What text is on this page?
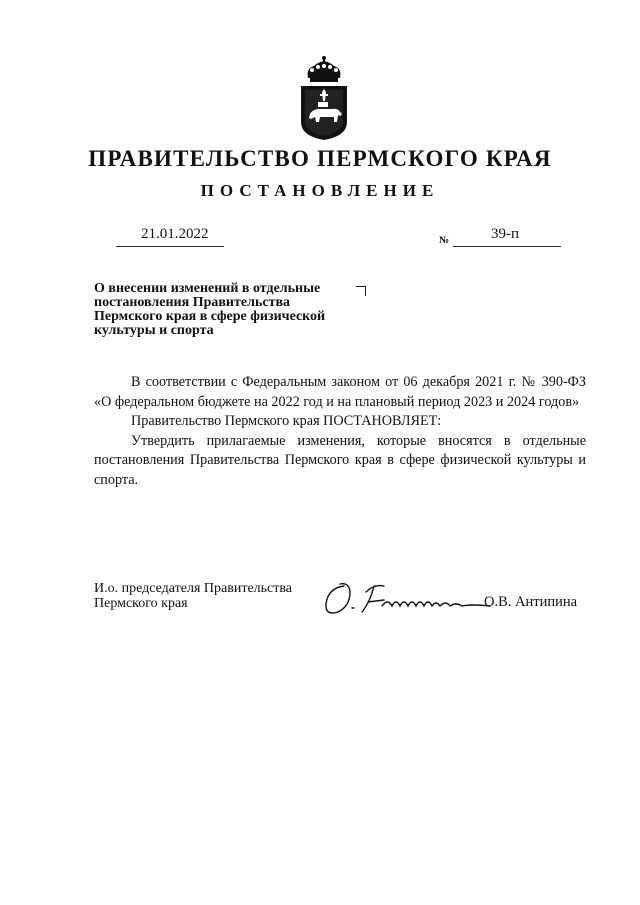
ПРАВИТЕЛЬСТВО ПЕРМСКОГО КРАЯ
ПОСТАНОВЛЕНИЕ
21.01.2022	№	39-п
О внесении изменений в отдельные
постановления Правительства
Пермского края в сфере физической
культуры и спорта

В соответствии с Федеральным законом от 06 декабря 2021 г. № 390-ФЗ «О федеральном бюджете на 2022 год и на плановый период 2023 и 2024 годов»

Правительство Пермского края ПОСТАНОВЛЯЕТ:

Утвердить прилагаемые изменения, которые вносятся в отдельные постановления Правительства Пермского края в сфере физической культуры и спорта.

И.о. председателя Правительства
Пермского края	О.В. Антипина
